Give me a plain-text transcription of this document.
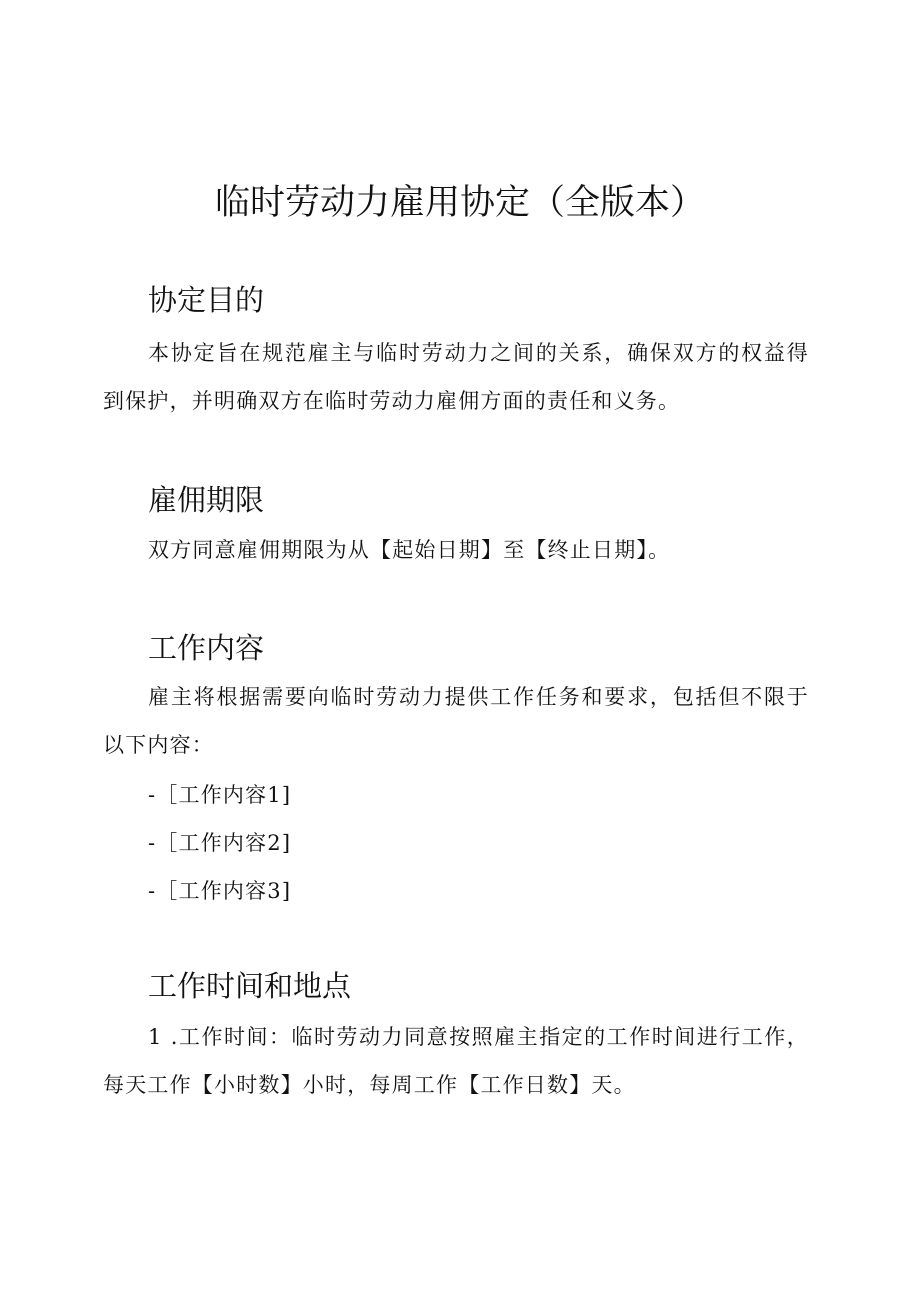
临时劳动力雇用协定（全版本）
协定目的

本协定旨在规范雇主与临时劳动力之间的关系，确保双方的权益得到保护，并明确双方在临时劳动力雇佣方面的责任和义务。

雇佣期限

双方同意雇佣期限为从【起始日期】至【终止日期】。

工作内容

雇主将根据需要向临时劳动力提供工作任务和要求，包括但不限于以下内容：

-［工作内容1]
-［工作内容2]
-［工作内容3]
工作时间和地点

1 .工作时间：临时劳动力同意按照雇主指定的工作时间进行工作，每天工作【小时数】小时，每周工作【工作日数】天。
